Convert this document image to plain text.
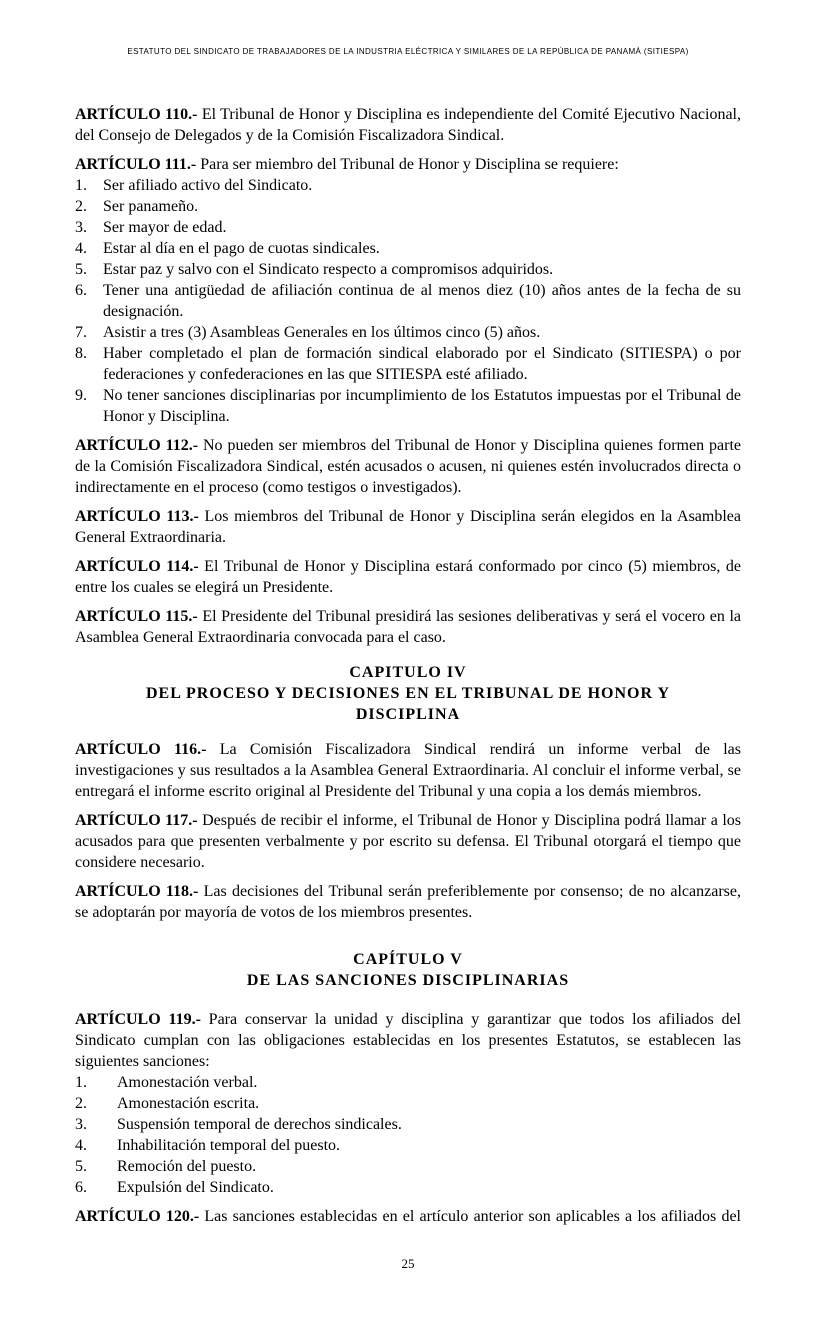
ESTATUTO DEL SINDICATO DE TRABAJADORES DE LA INDUSTRIA ELÉCTRICA Y SIMILARES DE LA REPÚBLICA DE PANAMÁ (SITIESPA)

ARTÍCULO 110.- El Tribunal de Honor y Disciplina es independiente del Comité Ejecutivo Nacional, del Consejo de Delegados y de la Comisión Fiscalizadora Sindical.

ARTÍCULO 111.- Para ser miembro del Tribunal de Honor y Disciplina se requiere:

1.	Ser afiliado activo del Sindicato.
2.	Ser panameño.
3.	Ser mayor de edad.
4.	Estar al día en el pago de cuotas sindicales.
5.	Estar paz y salvo con el Sindicato respecto a compromisos adquiridos.
6.	Tener una antigüedad de afiliación continua de al menos diez (10) años antes de la fecha de su designación.
7.	Asistir a tres (3) Asambleas Generales en los últimos cinco (5) años.
8.	Haber completado el plan de formación sindical elaborado por el Sindicato (SITIESPA) o por federaciones y confederaciones en las que SITIESPA esté afiliado.
9.	No tener sanciones disciplinarias por incumplimiento de los Estatutos impuestas por el Tribunal de Honor y Disciplina.

ARTÍCULO 112.- No pueden ser miembros del Tribunal de Honor y Disciplina quienes formen parte de la Comisión Fiscalizadora Sindical, estén acusados o acusen, ni quienes estén involucrados directa o indirectamente en el proceso (como testigos o investigados).

ARTÍCULO 113.- Los miembros del Tribunal de Honor y Disciplina serán elegidos en la Asamblea General Extraordinaria.

ARTÍCULO 114.- El Tribunal de Honor y Disciplina estará conformado por cinco (5) miembros, de entre los cuales se elegirá un Presidente.

ARTÍCULO 115.- El Presidente del Tribunal presidirá las sesiones deliberativas y será el vocero en la Asamblea General Extraordinaria convocada para el caso.

CAPITULO IV
DEL PROCESO Y DECISIONES EN EL TRIBUNAL DE HONOR Y
DISCIPLINA

ARTÍCULO 116.- La Comisión Fiscalizadora Sindical rendirá un informe verbal de las investigaciones y sus resultados a la Asamblea General Extraordinaria. Al concluir el informe verbal, se entregará el informe escrito original al Presidente del Tribunal y una copia a los demás miembros.

ARTÍCULO 117.- Después de recibir el informe, el Tribunal de Honor y Disciplina podrá llamar a los acusados para que presenten verbalmente y por escrito su defensa. El Tribunal otorgará el tiempo que considere necesario.

ARTÍCULO 118.- Las decisiones del Tribunal serán preferiblemente por consenso; de no alcanzarse, se adoptarán por mayoría de votos de los miembros presentes.

CAPÍTULO V
DE LAS SANCIONES DISCIPLINARIAS

ARTÍCULO 119.- Para conservar la unidad y disciplina y garantizar que todos los afiliados del Sindicato cumplan con las obligaciones establecidas en los presentes Estatutos, se establecen las siguientes sanciones:

1.	Amonestación verbal.
2.	Amonestación escrita.
3.	Suspensión temporal de derechos sindicales.
4.	Inhabilitación temporal del puesto.
5.	Remoción del puesto.
6.	Expulsión del Sindicato.

ARTÍCULO 120.- Las sanciones establecidas en el artículo anterior son aplicables a los afiliados del

25
